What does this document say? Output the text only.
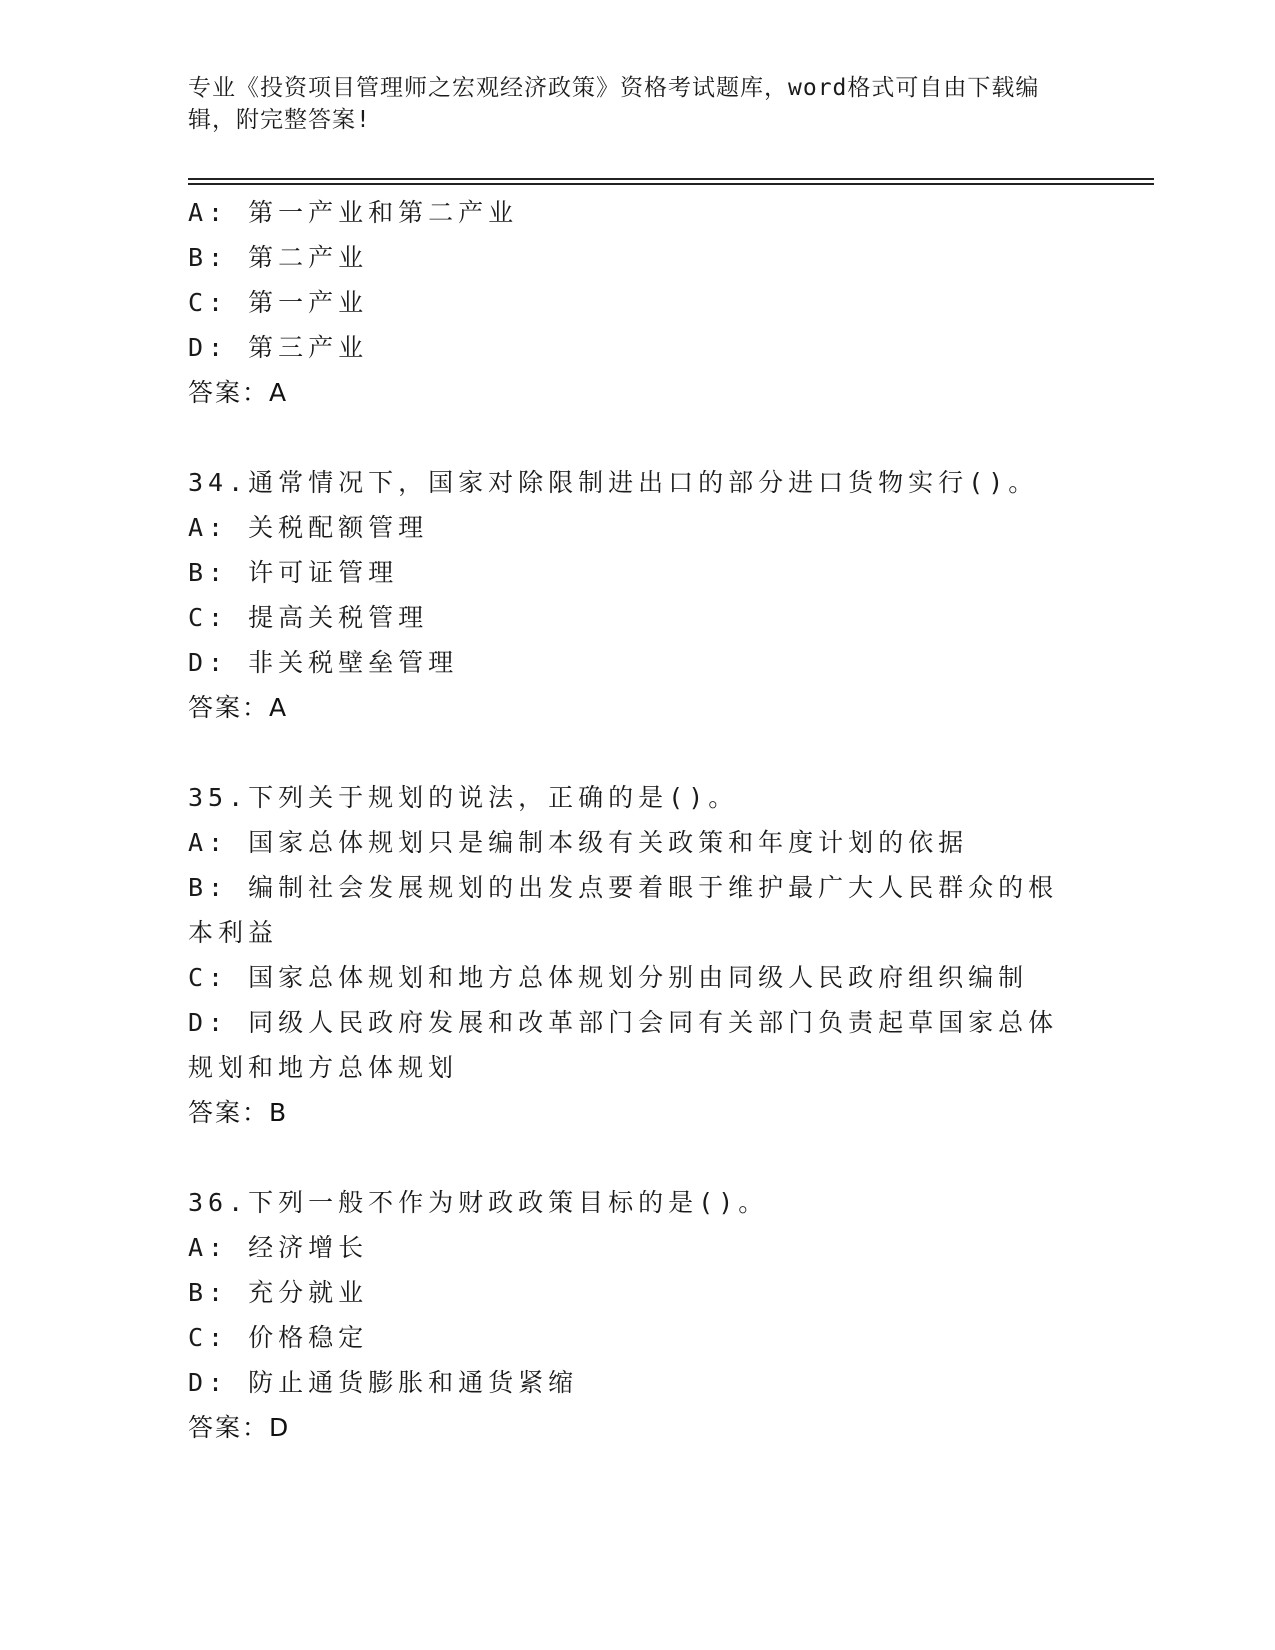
专业《投资项目管理师之宏观经济政策》资格考试题库，word格式可自由下载编辑，附完整答案!
A: 第一产业和第二产业
B: 第二产业
C: 第一产业
D: 第三产业
答案：A
34.通常情况下，国家对除限制进出口的部分进口货物实行()。
A: 关税配额管理
B: 许可证管理
C: 提高关税管理
D: 非关税壁垒管理
答案：A
35.下列关于规划的说法，正确的是()。
A: 国家总体规划只是编制本级有关政策和年度计划的依据
B: 编制社会发展规划的出发点要着眼于维护最广大人民群众的根本利益
C: 国家总体规划和地方总体规划分别由同级人民政府组织编制
D: 同级人民政府发展和改革部门会同有关部门负责起草国家总体规划和地方总体规划
答案：B
36.下列一般不作为财政政策目标的是()。
A: 经济增长
B: 充分就业
C: 价格稳定
D: 防止通货膨胀和通货紧缩
答案：D
